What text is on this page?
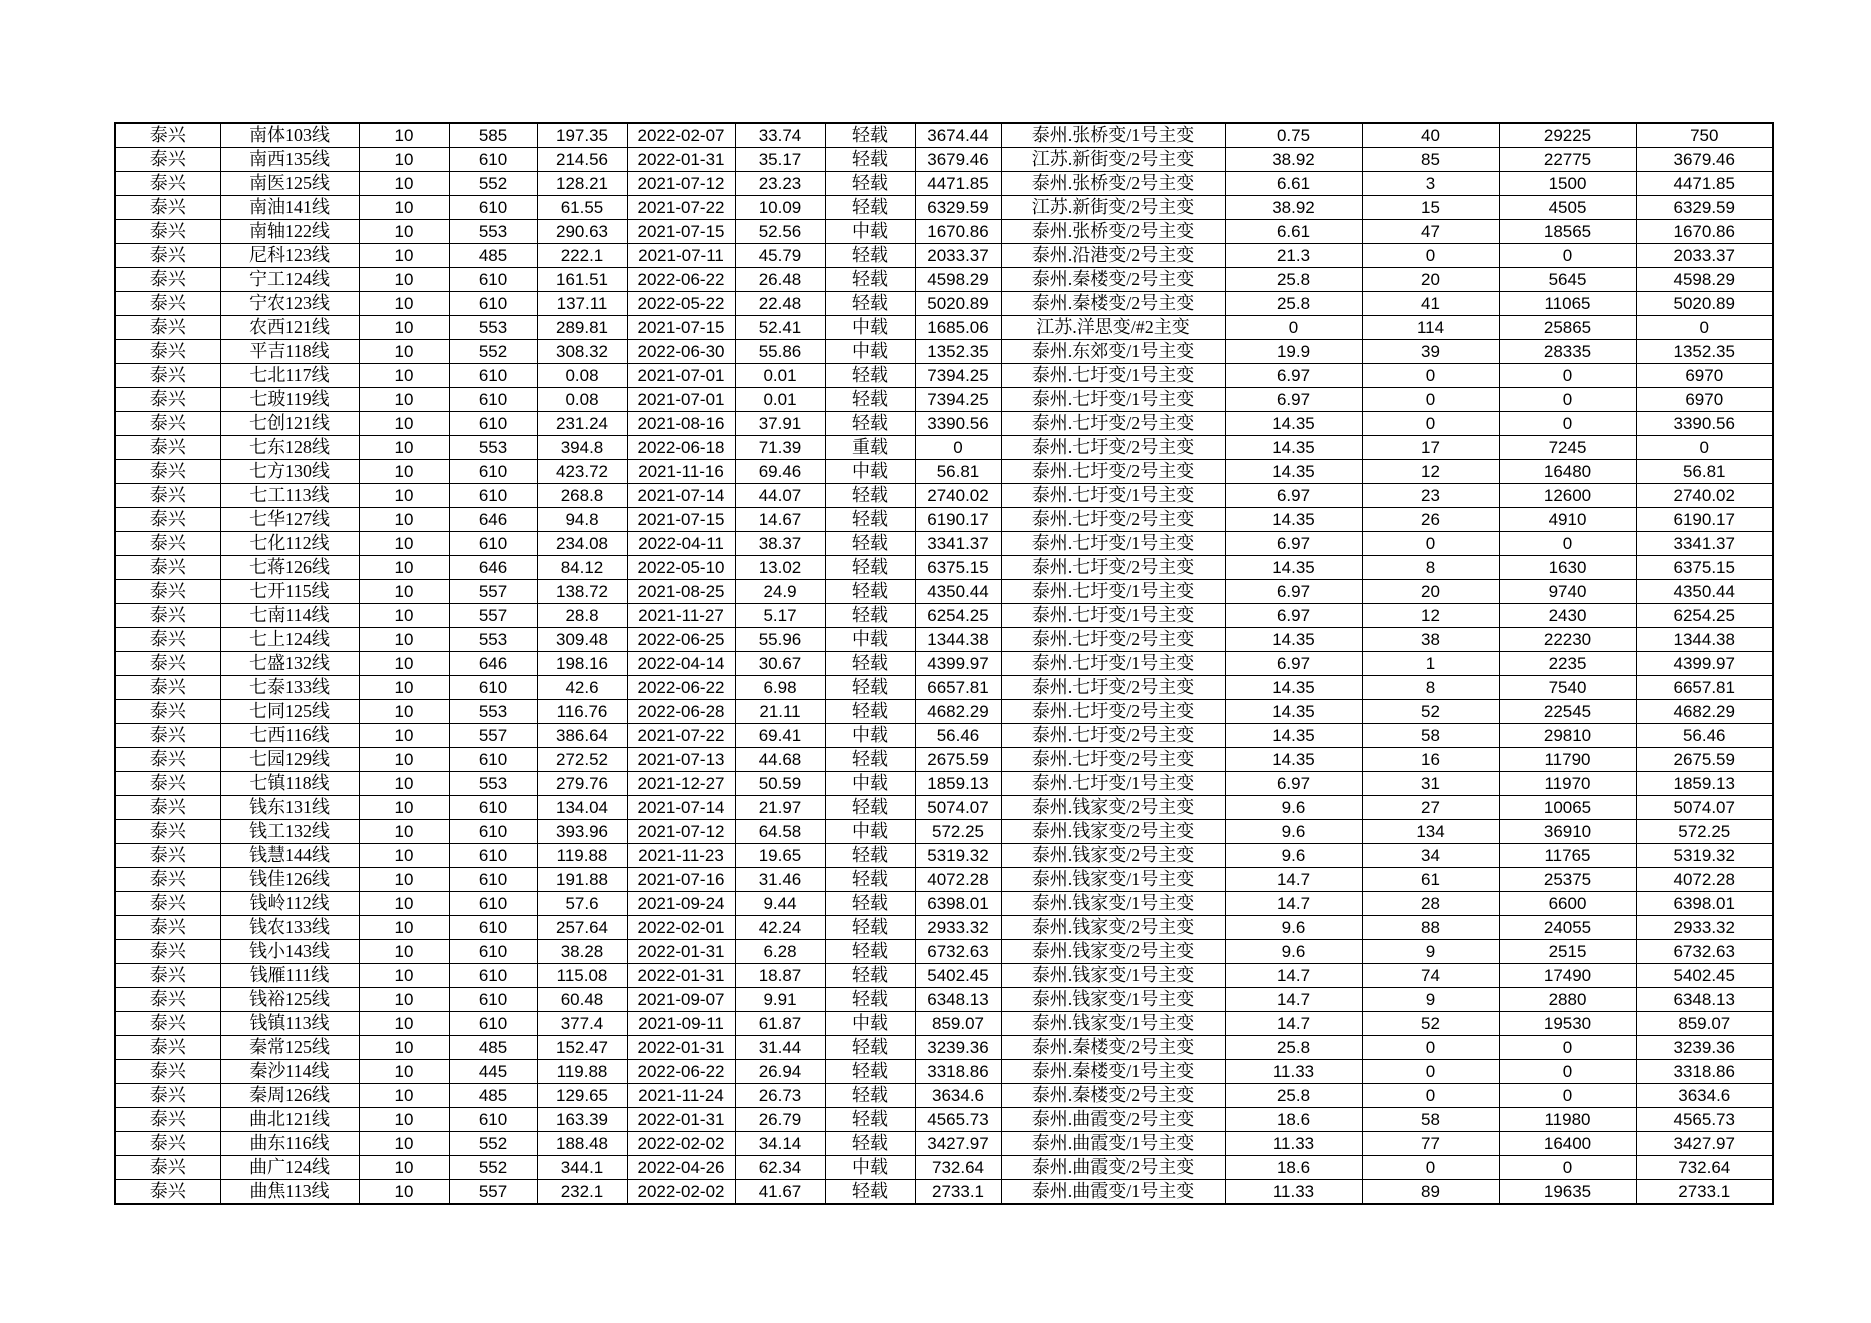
泰兴	南体103线	10	585	197.35	2022-02-07	33.74	轻载	3674.44	泰州.张桥变/1号主变	0.75	40	29225	750
泰兴	南西135线	10	610	214.56	2022-01-31	35.17	轻载	3679.46	江苏.新街变/2号主变	38.92	85	22775	3679.46
泰兴	南医125线	10	552	128.21	2021-07-12	23.23	轻载	4471.85	泰州.张桥变/2号主变	6.61	3	1500	4471.85
泰兴	南油141线	10	610	61.55	2021-07-22	10.09	轻载	6329.59	江苏.新街变/2号主变	38.92	15	4505	6329.59
泰兴	南轴122线	10	553	290.63	2021-07-15	52.56	中载	1670.86	泰州.张桥变/2号主变	6.61	47	18565	1670.86
泰兴	尼科123线	10	485	222.1	2021-07-11	45.79	轻载	2033.37	泰州.沿港变/2号主变	21.3	0	0	2033.37
泰兴	宁工124线	10	610	161.51	2022-06-22	26.48	轻载	4598.29	泰州.秦楼变/2号主变	25.8	20	5645	4598.29
泰兴	宁农123线	10	610	137.11	2022-05-22	22.48	轻载	5020.89	泰州.秦楼变/2号主变	25.8	41	11065	5020.89
泰兴	农西121线	10	553	289.81	2021-07-15	52.41	中载	1685.06	江苏.洋思变/#2主变	0	114	25865	0
泰兴	平吉118线	10	552	308.32	2022-06-30	55.86	中载	1352.35	泰州.东郊变/1号主变	19.9	39	28335	1352.35
泰兴	七北117线	10	610	0.08	2021-07-01	0.01	轻载	7394.25	泰州.七圩变/1号主变	6.97	0	0	6970
泰兴	七玻119线	10	610	0.08	2021-07-01	0.01	轻载	7394.25	泰州.七圩变/1号主变	6.97	0	0	6970
泰兴	七创121线	10	610	231.24	2021-08-16	37.91	轻载	3390.56	泰州.七圩变/2号主变	14.35	0	0	3390.56
泰兴	七东128线	10	553	394.8	2022-06-18	71.39	重载	0	泰州.七圩变/2号主变	14.35	17	7245	0
泰兴	七方130线	10	610	423.72	2021-11-16	69.46	中载	56.81	泰州.七圩变/2号主变	14.35	12	16480	56.81
泰兴	七工113线	10	610	268.8	2021-07-14	44.07	轻载	2740.02	泰州.七圩变/1号主变	6.97	23	12600	2740.02
泰兴	七华127线	10	646	94.8	2021-07-15	14.67	轻载	6190.17	泰州.七圩变/2号主变	14.35	26	4910	6190.17
泰兴	七化112线	10	610	234.08	2022-04-11	38.37	轻载	3341.37	泰州.七圩变/1号主变	6.97	0	0	3341.37
泰兴	七蒋126线	10	646	84.12	2022-05-10	13.02	轻载	6375.15	泰州.七圩变/2号主变	14.35	8	1630	6375.15
泰兴	七开115线	10	557	138.72	2021-08-25	24.9	轻载	4350.44	泰州.七圩变/1号主变	6.97	20	9740	4350.44
泰兴	七南114线	10	557	28.8	2021-11-27	5.17	轻载	6254.25	泰州.七圩变/1号主变	6.97	12	2430	6254.25
泰兴	七上124线	10	553	309.48	2022-06-25	55.96	中载	1344.38	泰州.七圩变/2号主变	14.35	38	22230	1344.38
泰兴	七盛132线	10	646	198.16	2022-04-14	30.67	轻载	4399.97	泰州.七圩变/1号主变	6.97	1	2235	4399.97
泰兴	七泰133线	10	610	42.6	2022-06-22	6.98	轻载	6657.81	泰州.七圩变/2号主变	14.35	8	7540	6657.81
泰兴	七同125线	10	553	116.76	2022-06-28	21.11	轻载	4682.29	泰州.七圩变/2号主变	14.35	52	22545	4682.29
泰兴	七西116线	10	557	386.64	2021-07-22	69.41	中载	56.46	泰州.七圩变/2号主变	14.35	58	29810	56.46
泰兴	七园129线	10	610	272.52	2021-07-13	44.68	轻载	2675.59	泰州.七圩变/2号主变	14.35	16	11790	2675.59
泰兴	七镇118线	10	553	279.76	2021-12-27	50.59	中载	1859.13	泰州.七圩变/1号主变	6.97	31	11970	1859.13
泰兴	钱东131线	10	610	134.04	2021-07-14	21.97	轻载	5074.07	泰州.钱家变/2号主变	9.6	27	10065	5074.07
泰兴	钱工132线	10	610	393.96	2021-07-12	64.58	中载	572.25	泰州.钱家变/2号主变	9.6	134	36910	572.25
泰兴	钱慧144线	10	610	119.88	2021-11-23	19.65	轻载	5319.32	泰州.钱家变/2号主变	9.6	34	11765	5319.32
泰兴	钱佳126线	10	610	191.88	2021-07-16	31.46	轻载	4072.28	泰州.钱家变/1号主变	14.7	61	25375	4072.28
泰兴	钱岭112线	10	610	57.6	2021-09-24	9.44	轻载	6398.01	泰州.钱家变/1号主变	14.7	28	6600	6398.01
泰兴	钱农133线	10	610	257.64	2022-02-01	42.24	轻载	2933.32	泰州.钱家变/2号主变	9.6	88	24055	2933.32
泰兴	钱小143线	10	610	38.28	2022-01-31	6.28	轻载	6732.63	泰州.钱家变/2号主变	9.6	9	2515	6732.63
泰兴	钱雁111线	10	610	115.08	2022-01-31	18.87	轻载	5402.45	泰州.钱家变/1号主变	14.7	74	17490	5402.45
泰兴	钱裕125线	10	610	60.48	2021-09-07	9.91	轻载	6348.13	泰州.钱家变/1号主变	14.7	9	2880	6348.13
泰兴	钱镇113线	10	610	377.4	2021-09-11	61.87	中载	859.07	泰州.钱家变/1号主变	14.7	52	19530	859.07
泰兴	秦常125线	10	485	152.47	2022-01-31	31.44	轻载	3239.36	泰州.秦楼变/2号主变	25.8	0	0	3239.36
泰兴	秦沙114线	10	445	119.88	2022-06-22	26.94	轻载	3318.86	泰州.秦楼变/1号主变	11.33	0	0	3318.86
泰兴	秦周126线	10	485	129.65	2021-11-24	26.73	轻载	3634.6	泰州.秦楼变/2号主变	25.8	0	0	3634.6
泰兴	曲北121线	10	610	163.39	2022-01-31	26.79	轻载	4565.73	泰州.曲霞变/2号主变	18.6	58	11980	4565.73
泰兴	曲东116线	10	552	188.48	2022-02-02	34.14	轻载	3427.97	泰州.曲霞变/1号主变	11.33	77	16400	3427.97
泰兴	曲广124线	10	552	344.1	2022-04-26	62.34	中载	732.64	泰州.曲霞变/2号主变	18.6	0	0	732.64
泰兴	曲焦113线	10	557	232.1	2022-02-02	41.67	轻载	2733.1	泰州.曲霞变/1号主变	11.33	89	19635	2733.1
